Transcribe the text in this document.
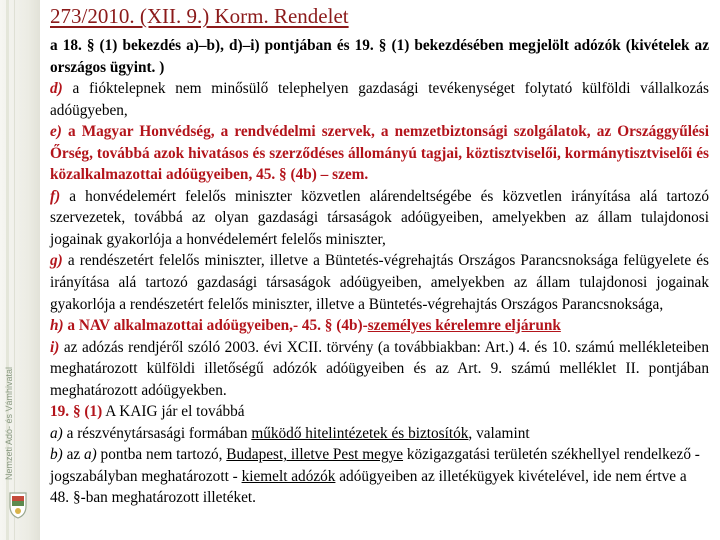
Nemzeti Adó- és Vámhivatal
273/2010. (XII. 9.) Korm. Rendelet

a 18. § (1) bekezdés a)–b), d)–i) pontjában és 19. § (1) bekezdésében megjelölt adózók (kivételek az országos ügyint. )

d) a fióktelepnek nem minősülő telephelyen gazdasági tevékenységet folytató külföldi vállalkozás adóügyeben,

e) a Magyar Honvédség, a rendvédelmi szervek, a nemzetbiztonsági szolgálatok, az Országgyűlési Őrség, továbbá azok hivatásos és szerződéses állományú tagjai, köztisztviselői, kormánytisztviselői és közalkalmazottai adóügyeiben, 45. § (4b) – szem.

f) a honvédelemért felelős miniszter közvetlen alárendeltségébe és közvetlen irányítása alá tartozó szervezetek, továbbá az olyan gazdasági társaságok adóügyeiben, amelyekben az állam tulajdonosi jogainak gyakorlója a honvédelemért felelős miniszter,

g) a rendészetért felelős miniszter, illetve a Büntetés-végrehajtás Országos Parancsnoksága felügyelete és irányítása alá tartozó gazdasági társaságok adóügyeiben, amelyekben az állam tulajdonosi jogainak gyakorlója a rendészetért felelős miniszter, illetve a Büntetés-végrehajtás Országos Parancsnoksága,

h) a NAV alkalmazottai adóügyeiben,- 45. § (4b)-személyes kérelemre eljárunk

i) az adózás rendjéről szóló 2003. évi XCII. törvény (a továbbiakban: Art.) 4. és 10. számú mellékleteiben meghatározott külföldi illetőségű adózók adóügyeiben és az Art. 9. számú melléklet II. pontjában meghatározott adóügyekben.

19. § (1) A KAIG jár el továbbá

a) a részvénytársasági formában működő hitelintézetek és biztosítók, valamint

b) az a) pontba nem tartozó, Budapest, illetve Pest megye közigazgatási területén székhellyel rendelkező - jogszabályban meghatározott - kiemelt adózók adóügyeiben az illetékügyek kivételével, ide nem értve a 48. §-ban meghatározott illetéket.
